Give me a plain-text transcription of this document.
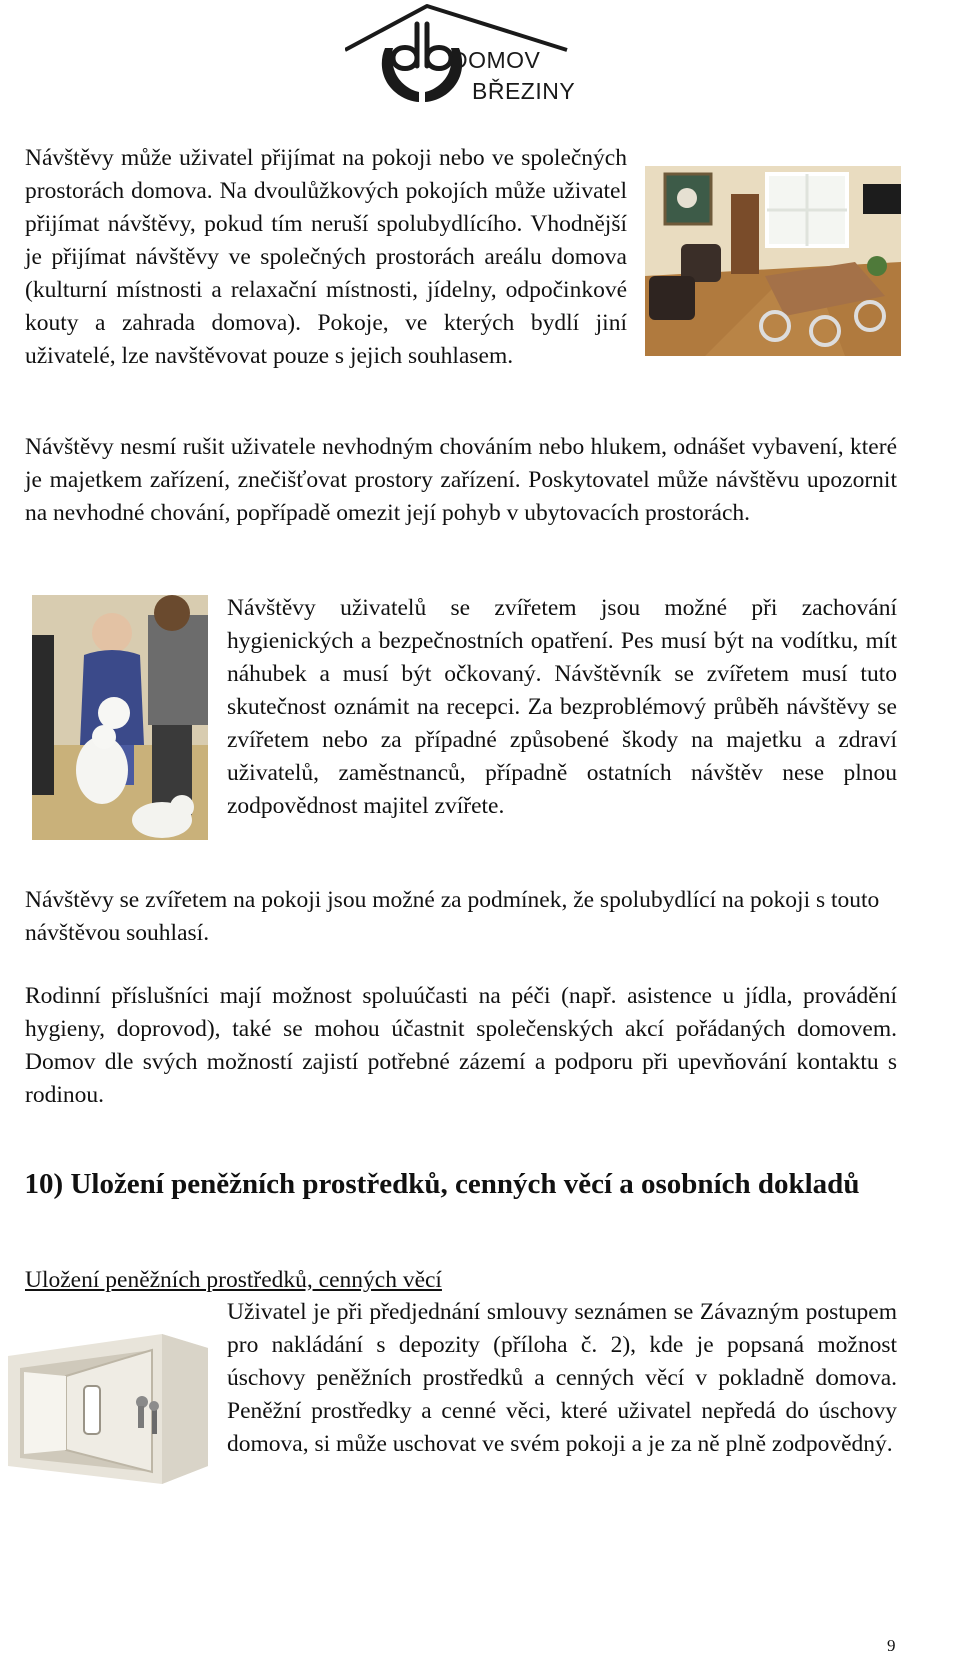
DOMOV
BŘEZINY

Návštěvy může uživatel přijímat na pokoji nebo ve společných prostorách domova. Na dvoulůžkových pokojích může uživatel přijímat návštěvy, pokud tím neruší spolubydlícího. Vhodnější je přijímat návštěvy ve společných prostorách areálu domova (kulturní místnosti a relaxační místnosti, jídelny, odpočinkové kouty a zahrada domova). Pokoje, ve kterých bydlí jiní uživatelé, lze navštěvovat pouze s jejich souhlasem.

Návštěvy nesmí rušit uživatele nevhodným chováním nebo hlukem, odnášet vybavení, které je majetkem zařízení, znečišťovat prostory zařízení. Poskytovatel může návštěvu upozornit na nevhodné chování, popřípadě omezit její pohyb v ubytovacích prostorách.

Návštěvy uživatelů se zvířetem jsou možné při zachování hygienických a bezpečnostních opatření. Pes musí být na vodítku, mít náhubek a musí být očkovaný. Návštěvník se zvířetem musí tuto skutečnost oznámit na recepci. Za bezproblémový průběh návštěvy se zvířetem nebo za případné způsobené škody na majetku a zdraví uživatelů, zaměstnanců, případně ostatních návštěv nese plnou zodpovědnost majitel zvířete.

Návštěvy se zvířetem na pokoji jsou možné za podmínek, že spolubydlící na pokoji s touto návštěvou souhlasí.

Rodinní příslušníci mají možnost spoluúčasti na péči (např. asistence u jídla, provádění hygieny, doprovod), také se mohou účastnit společenských akcí pořádaných domovem. Domov dle svých možností zajistí potřebné zázemí a podporu při upevňování kontaktu s rodinou.

10) Uložení peněžních prostředků, cenných věcí a osobních dokladů
Uložení peněžních prostředků, cenných věcí

Uživatel je při předjednání smlouvy seznámen se Závazným postupem pro nakládání s depozity (příloha č. 2), kde je popsaná možnost úschovy peněžních prostředků a cenných věcí v pokladně domova. Peněžní prostředky a cenné věci, které uživatel nepředá do úschovy domova, si může uschovat ve svém pokoji a je za ně plně zodpovědný.

9
